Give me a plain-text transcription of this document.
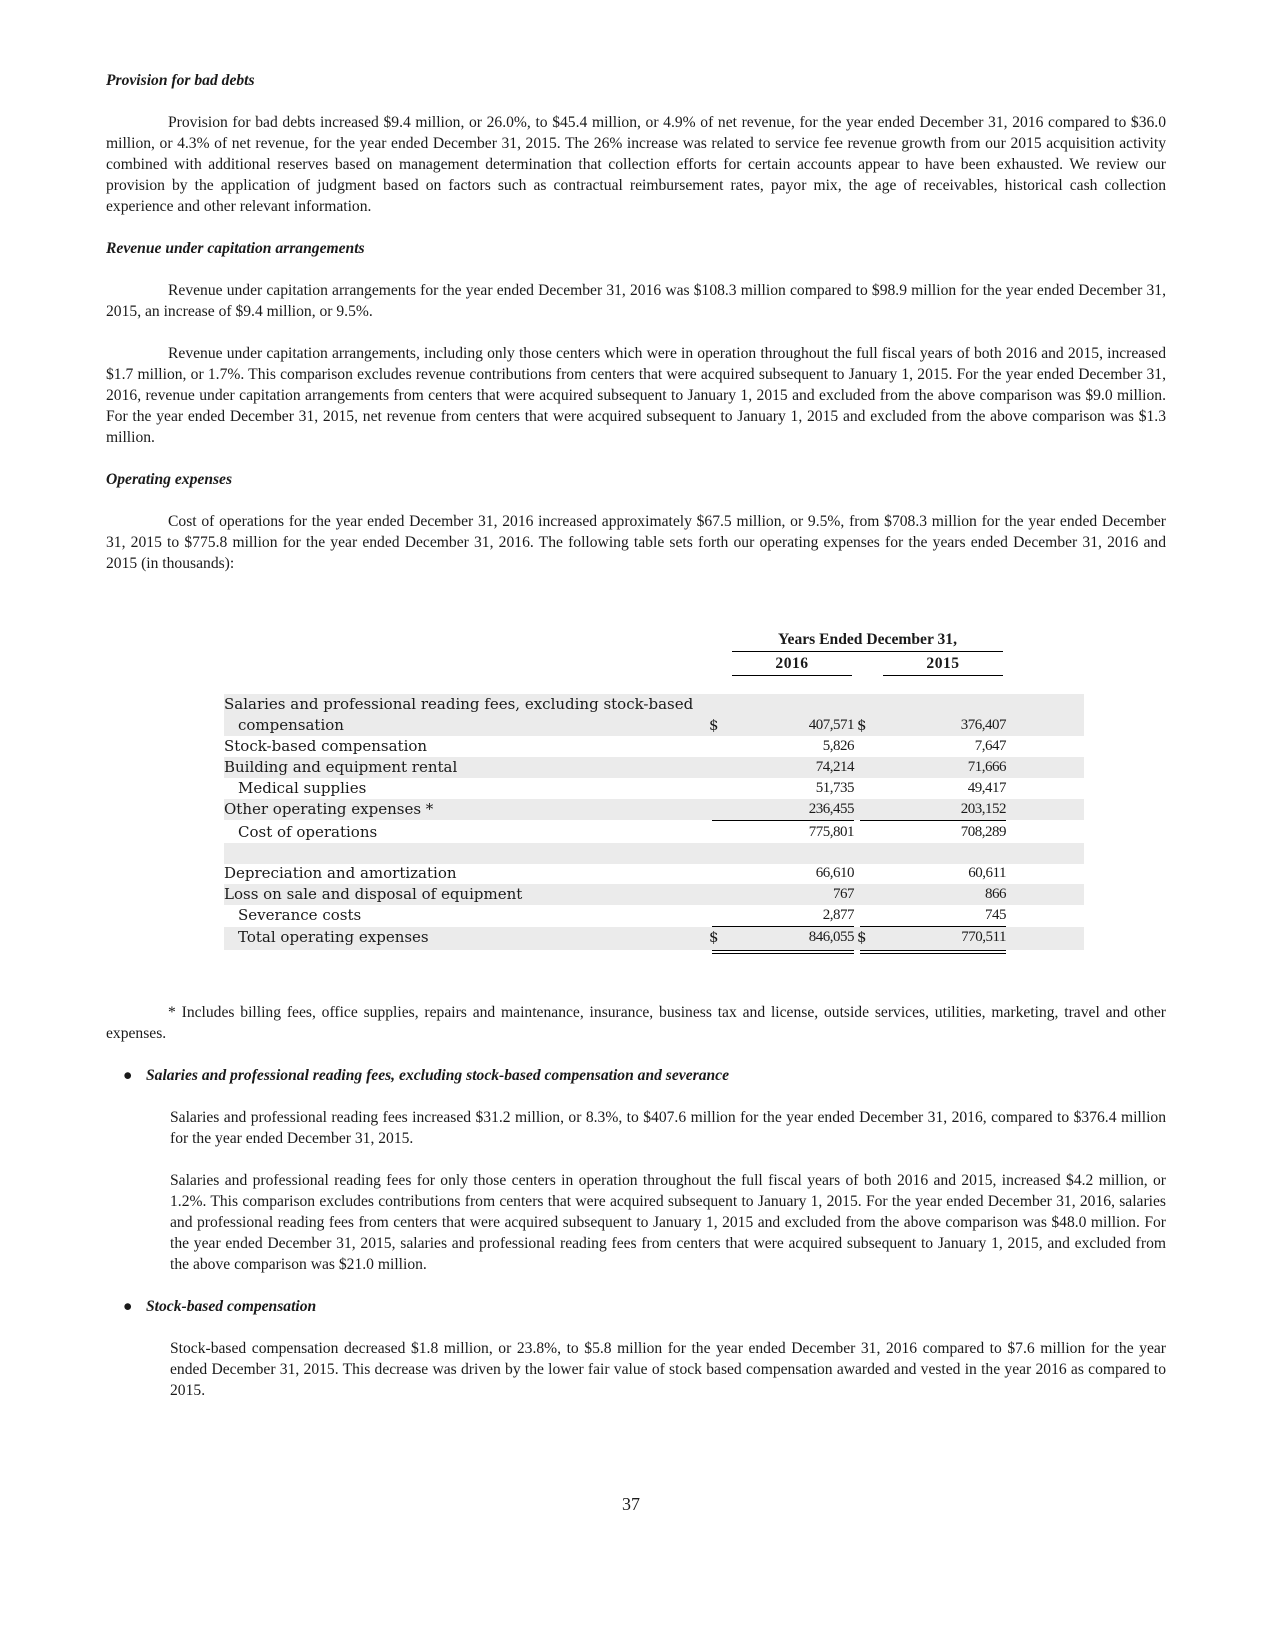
Provision for bad debts

Provision for bad debts increased $9.4 million, or 26.0%, to $45.4 million, or 4.9% of net revenue, for the year ended December 31, 2016 compared to $36.0 million, or 4.3% of net revenue, for the year ended December 31, 2015. The 26% increase was related to service fee revenue growth from our 2015 acquisition activity combined with additional reserves based on management determination that collection efforts for certain accounts appear to have been exhausted. We review our provision by the application of judgment based on factors such as contractual reimbursement rates, payor mix, the age of receivables, historical cash collection experience and other relevant information.

Revenue under capitation arrangements

Revenue under capitation arrangements for the year ended December 31, 2016 was $108.3 million compared to $98.9 million for the year ended December 31, 2015, an increase of $9.4 million, or 9.5%.

Revenue under capitation arrangements, including only those centers which were in operation throughout the full fiscal years of both 2016 and 2015, increased $1.7 million, or 1.7%. This comparison excludes revenue contributions from centers that were acquired subsequent to January 1, 2015. For the year ended December 31, 2016, revenue under capitation arrangements from centers that were acquired subsequent to January 1, 2015 and excluded from the above comparison was $9.0 million. For the year ended December 31, 2015, net revenue from centers that were acquired subsequent to January 1, 2015 and excluded from the above comparison was $1.3 million.

Operating expenses

Cost of operations for the year ended December 31, 2016 increased approximately $67.5 million, or 9.5%, from $708.3 million for the year ended December 31, 2015 to $775.8 million for the year ended December 31, 2016. The following table sets forth our operating expenses for the years ended December 31, 2016 and 2015 (in thousands):

Years Ended December 31,
2016	2015
Salaries and professional reading fees, excluding stock-based
compensation	$	407,571 $	376,407
Stock-based compensation	5,826	7,647
Building and equipment rental	74,214	71,666
Medical supplies	51,735	49,417
Other operating expenses *	236,455	203,152
Cost of operations	775,801	708,289
Depreciation and amortization	66,610	60,611
Loss on sale and disposal of equipment	767	866
Severance costs	2,877	745
Total operating expenses	$	846,055 $	770,511

* Includes billing fees, office supplies, repairs and maintenance, insurance, business tax and license, outside services, utilities, marketing, travel and other expenses.

● Salaries and professional reading fees, excluding stock-based compensation and severance

Salaries and professional reading fees increased $31.2 million, or 8.3%, to $407.6 million for the year ended December 31, 2016, compared to $376.4 million for the year ended December 31, 2015.

Salaries and professional reading fees for only those centers in operation throughout the full fiscal years of both 2016 and 2015, increased $4.2 million, or 1.2%. This comparison excludes contributions from centers that were acquired subsequent to January 1, 2015. For the year ended December 31, 2016, salaries and professional reading fees from centers that were acquired subsequent to January 1, 2015 and excluded from the above comparison was $48.0 million. For the year ended December 31, 2015, salaries and professional reading fees from centers that were acquired subsequent to January 1, 2015, and excluded from the above comparison was $21.0 million.

● Stock-based compensation

Stock-based compensation decreased $1.8 million, or 23.8%, to $5.8 million for the year ended December 31, 2016 compared to $7.6 million for the year ended December 31, 2015. This decrease was driven by the lower fair value of stock based compensation awarded and vested in the year 2016 as compared to 2015.

37
